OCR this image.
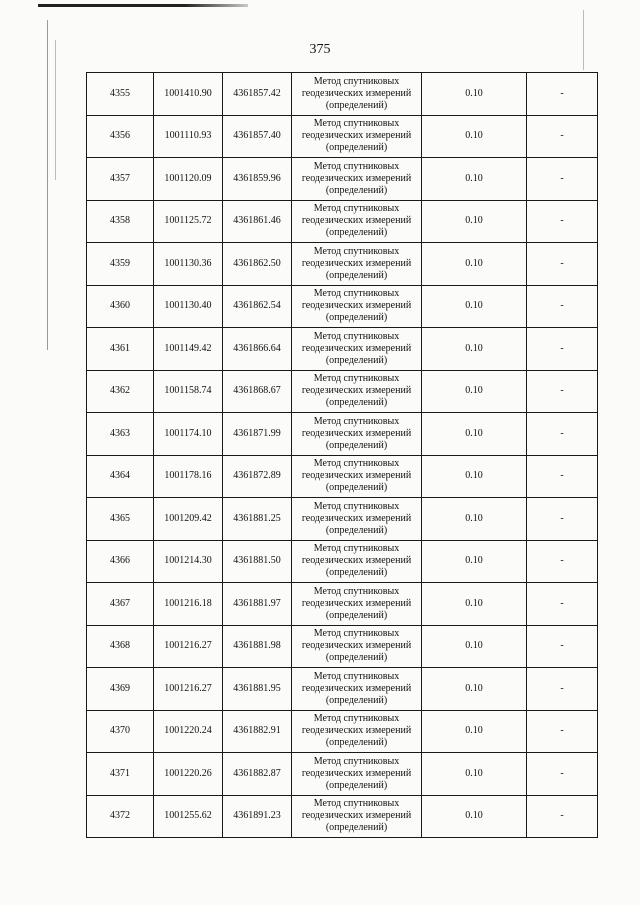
375
4355	1001410.90	4361857.42	Метод спутниковых геодезических измерений (определений)	0.10	-
4356	1001110.93	4361857.40	Метод спутниковых геодезических измерений (определений)	0.10	-
4357	1001120.09	4361859.96	Метод спутниковых геодезических измерений (определений)	0.10	-
4358	1001125.72	4361861.46	Метод спутниковых геодезических измерений (определений)	0.10	-
4359	1001130.36	4361862.50	Метод спутниковых геодезических измерений (определений)	0.10	-
4360	1001130.40	4361862.54	Метод спутниковых геодезических измерений (определений)	0.10	-
4361	1001149.42	4361866.64	Метод спутниковых геодезических измерений (определений)	0.10	-
4362	1001158.74	4361868.67	Метод спутниковых геодезических измерений (определений)	0.10	-
4363	1001174.10	4361871.99	Метод спутниковых геодезических измерений (определений)	0.10	-
4364	1001178.16	4361872.89	Метод спутниковых геодезических измерений (определений)	0.10	-
4365	1001209.42	4361881.25	Метод спутниковых геодезических измерений (определений)	0.10	-
4366	1001214.30	4361881.50	Метод спутниковых геодезических измерений (определений)	0.10	-
4367	1001216.18	4361881.97	Метод спутниковых геодезических измерений (определений)	0.10	-
4368	1001216.27	4361881.98	Метод спутниковых геодезических измерений (определений)	0.10	-
4369	1001216.27	4361881.95	Метод спутниковых геодезических измерений (определений)	0.10	-
4370	1001220.24	4361882.91	Метод спутниковых геодезических измерений (определений)	0.10	-
4371	1001220.26	4361882.87	Метод спутниковых геодезических измерений (определений)	0.10	-
4372	1001255.62	4361891.23	Метод спутниковых геодезических измерений (определений)	0.10	-
